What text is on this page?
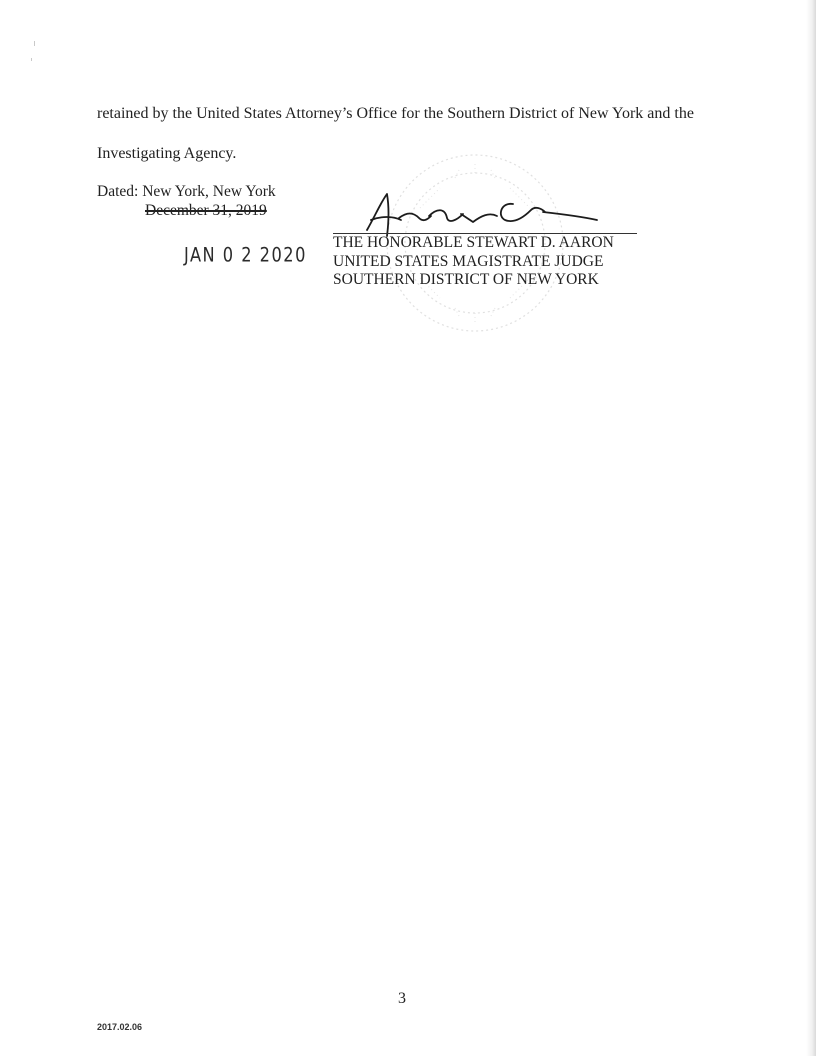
retained by the United States Attorney’s Office for the Southern District of New York and the
Investigating Agency.
Dated: New York, New York
December 31, 2019
JAN 0 2 2020
THE HONORABLE STEWART D. AARON
UNITED STATES MAGISTRATE JUDGE
SOUTHERN DISTRICT OF NEW YORK
3
2017.02.06
